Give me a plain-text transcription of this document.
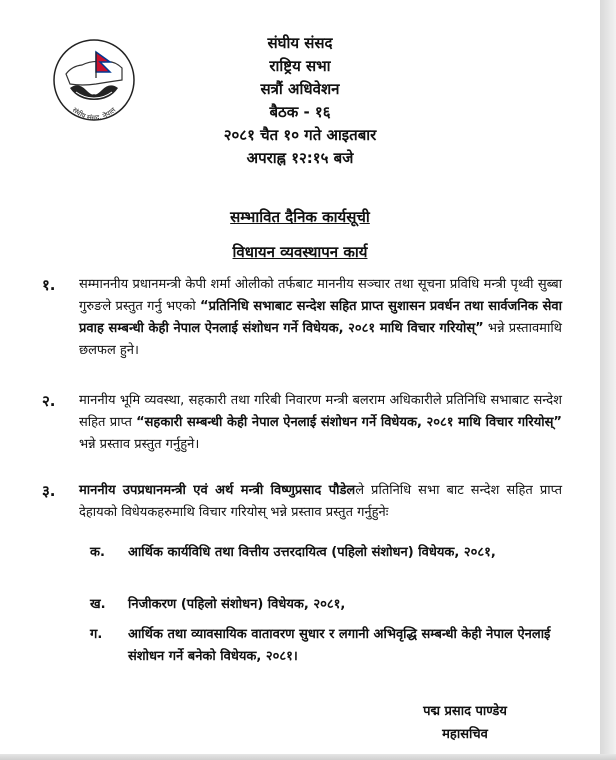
संघीय संसद, नेपाल
संघीय संसद
राष्ट्रिय सभा
सत्रौं अधिवेशन
बैठक - १६
२०८१ चैत १० गते आइतबार
अपराह्न १२:१५ बजे
सम्भावित दैनिक कार्यसूची
विधायन व्यवस्थापन कार्य
१.	सम्माननीय प्रधानमन्त्री केपी शर्मा ओलीको तर्फबाट माननीय सञ्चार तथा सूचना प्रविधि मन्त्री पृथ्वी सुब्बा गुरुङले प्रस्तुत गर्नु भएको “प्रतिनिधि सभाबाट सन्देश सहित प्राप्त सुशासन प्रवर्धन तथा सार्वजनिक सेवा प्रवाह सम्बन्धी केही नेपाल ऐनलाई संशोधन गर्ने विधेयक, २०८१ माथि विचार गरियोस्” भन्ने प्रस्तावमाथि छलफल हुने।
२.	माननीय भूमि व्यवस्था, सहकारी तथा गरिबी निवारण मन्त्री बलराम अधिकारीले प्रतिनिधि सभाबाट सन्देश सहित प्राप्त “सहकारी सम्बन्धी केही नेपाल ऐनलाई संशोधन गर्ने विधेयक, २०८१ माथि विचार गरियोस्” भन्ने प्रस्ताव प्रस्तुत गर्नुहुने।
३.	माननीय उपप्रधानमन्त्री एवं अर्थ मन्त्री विष्णुप्रसाद पौडेलले प्रतिनिधि सभा बाट सन्देश सहित प्राप्त देहायको विधेयकहरुमाथि विचार गरियोस् भन्ने प्रस्ताव प्रस्तुत गर्नुहुनेः
क.	आर्थिक कार्यविधि तथा वित्तीय उत्तरदायित्व (पहिलो संशोधन) विधेयक, २०८१,
ख.	निजीकरण (पहिलो संशोधन) विधेयक, २०८१,
ग.	आर्थिक तथा व्यावसायिक वातावरण सुधार र लगानी अभिवृद्धि सम्बन्धी केही नेपाल ऐनलाई संशोधन गर्ने बनेको विधेयक, २०८१।
पद्म प्रसाद पाण्डेय
महासचिव
